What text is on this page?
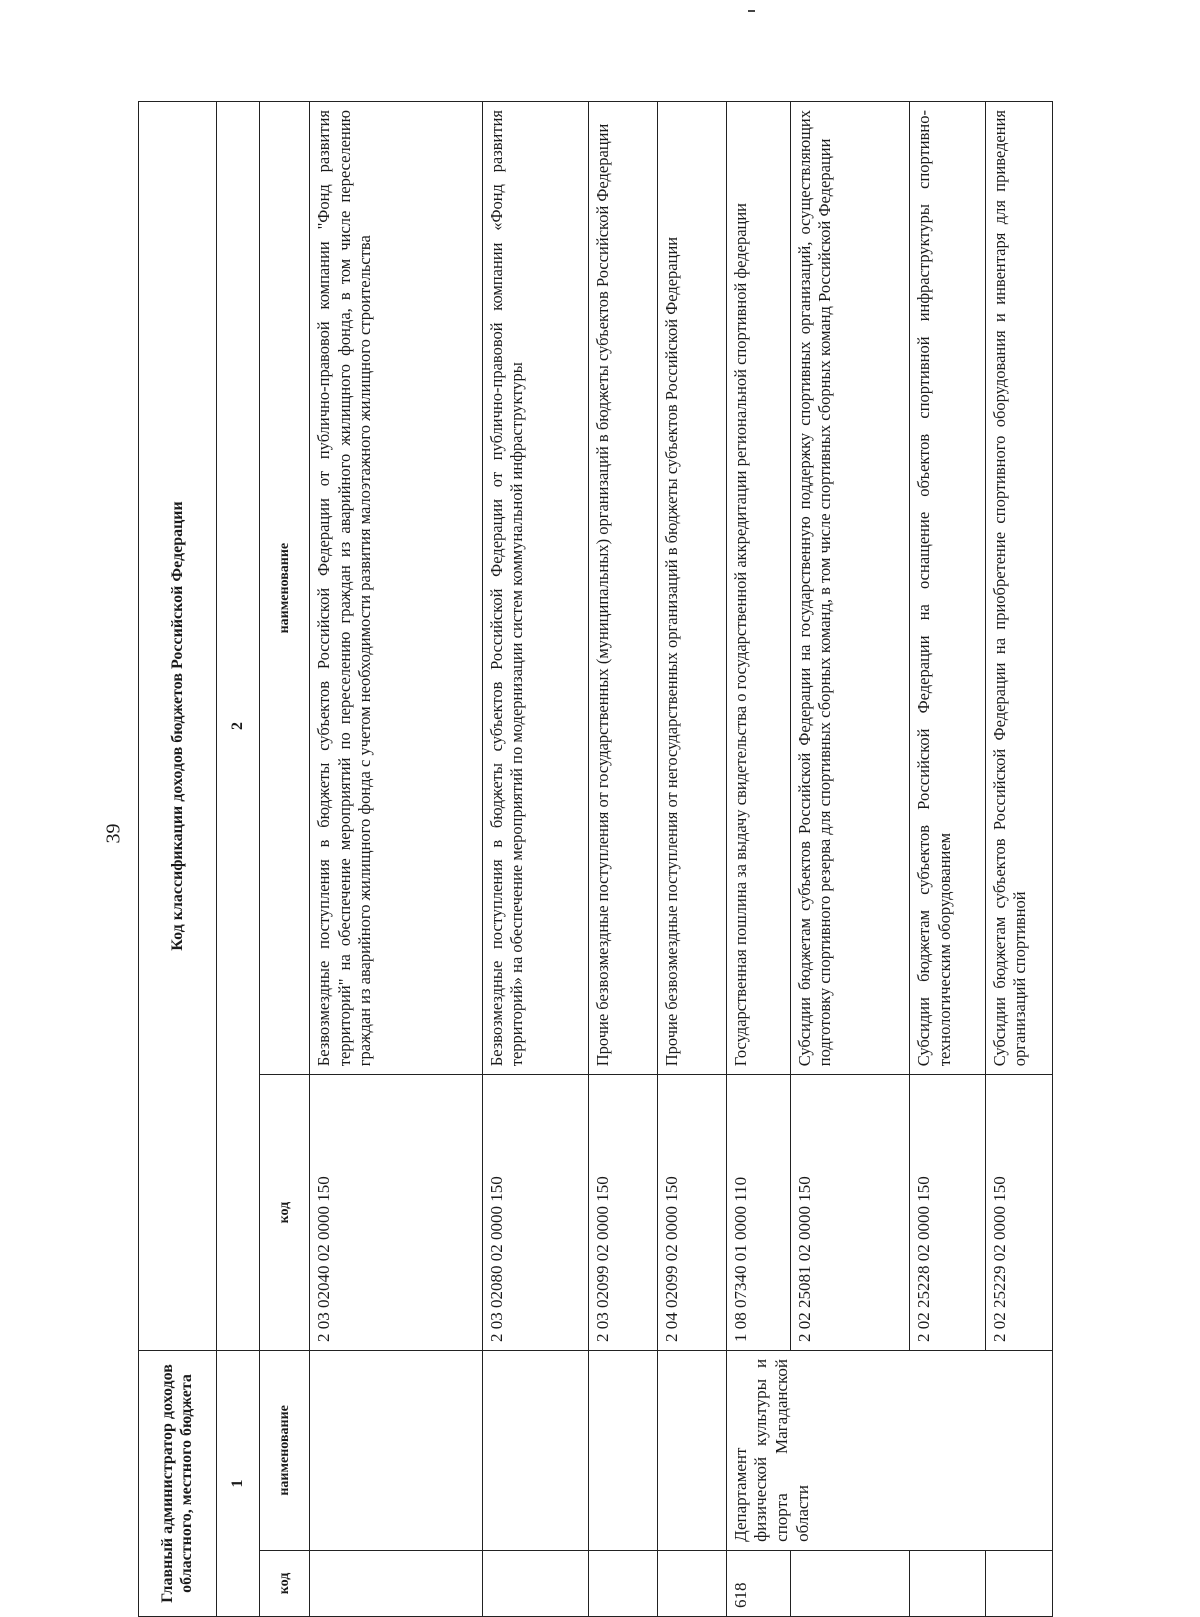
39
Главный администратор доходов областного, местного бюджета		Код классификации доходов бюджетов Российской Федерации	
1		2	
код	наименование	код	наименование
		2 03 02040 02 0000 150	Безвозмездные поступления в бюджеты субъектов Российской Федерации от публично-правовой компании "Фонд развития территорий" на обеспечение мероприятий по переселению граждан из аварийного жилищного фонда, в том числе переселению граждан из аварийного жилищного фонда с учетом необходимости развития малоэтажного жилищного строительства
		2 03 02080 02 0000 150	Безвозмездные поступления в бюджеты субъектов Российской Федерации от публично-правовой компании «Фонд развития территорий» на обеспечение мероприятий по модернизации систем коммунальной инфраструктуры
		2 03 02099 02 0000 150	Прочие безвозмездные поступления от государственных (муниципальных) организаций в бюджеты субъектов Российской Федерации
		2 04 02099 02 0000 150	Прочие безвозмездные поступления от негосударственных организаций в бюджеты субъектов Российской Федерации
618	Департамент физической культуры и спорта Магаданской области	1 08 07340 01 0000 110	Государственная пошлина за выдачу свидетельства о государственной аккредитации региональной спортивной федерации
		2 02 25081 02 0000 150	Субсидии бюджетам субъектов Российской Федерации на государственную поддержку спортивных организаций, осуществляющих подготовку спортивного резерва для спортивных сборных команд, в том числе спортивных сборных команд Российской Федерации
		2 02 25228 02 0000 150	Субсидии бюджетам субъектов Российской Федерации на оснащение объектов спортивной инфраструктуры спортивно-технологическим оборудованием
		2 02 25229 02 0000 150	Субсидии бюджетам субъектов Российской Федерации на приобретение спортивного оборудования и инвентаря для приведения организаций спортивной
